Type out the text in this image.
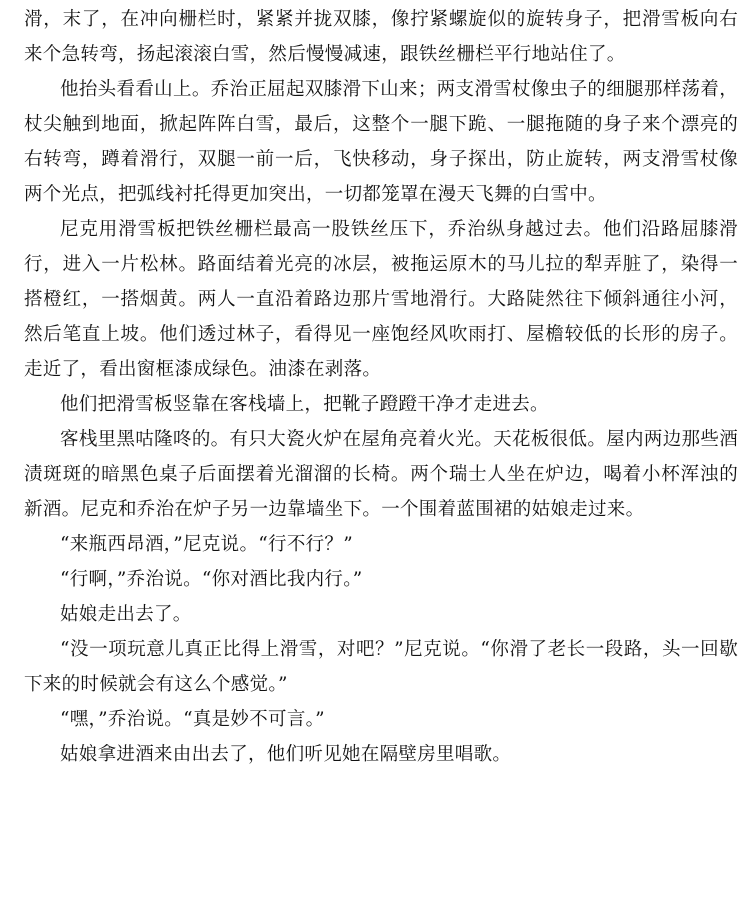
滑，末了，在冲向栅栏时，紧紧并拢双膝，像拧紧螺旋似的旋转身子，把滑雪板向右来个急转弯，扬起滚滚白雪，然后慢慢减速，跟铁丝栅栏平行地站住了。

他抬头看看山上。乔治正屈起双膝滑下山来；两支滑雪杖像虫子的细腿那样荡着，杖尖触到地面，掀起阵阵白雪，最后，这整个一腿下跪、一腿拖随的身子来个漂亮的右转弯，蹲着滑行，双腿一前一后，飞快移动，身子探出，防止旋转，两支滑雪杖像两个光点，把弧线衬托得更加突出，一切都笼罩在漫天飞舞的白雪中。

尼克用滑雪板把铁丝栅栏最高一股铁丝压下，乔治纵身越过去。他们沿路屈膝滑行，进入一片松林。路面结着光亮的冰层，被拖运原木的马儿拉的犁弄脏了，染得一搭橙红，一搭烟黄。两人一直沿着路边那片雪地滑行。大路陡然往下倾斜通往小河，然后笔直上坡。他们透过林子，看得见一座饱经风吹雨打、屋檐较低的长形的房子。走近了，看出窗框漆成绿色。油漆在剥落。

他们把滑雪板竖靠在客栈墙上，把靴子蹬蹬干净才走进去。

客栈里黑咕隆咚的。有只大瓷火炉在屋角亮着火光。天花板很低。屋内两边那些酒渍斑斑的暗黑色桌子后面摆着光溜溜的长椅。两个瑞士人坐在炉边，喝着小杯浑浊的新酒。尼克和乔治在炉子另一边靠墙坐下。一个围着蓝围裙的姑娘走过来。

“来瓶西昂酒，”尼克说。“行不行？”

“行啊，”乔治说。“你对酒比我内行。”

姑娘走出去了。

“没一项玩意儿真正比得上滑雪，对吧？”尼克说。“你滑了老长一段路，头一回歇下来的时候就会有这么个感觉。”

“嘿，”乔治说。“真是妙不可言。”

姑娘拿进酒来由出去了，他们听见她在隔壁房里唱歌。
